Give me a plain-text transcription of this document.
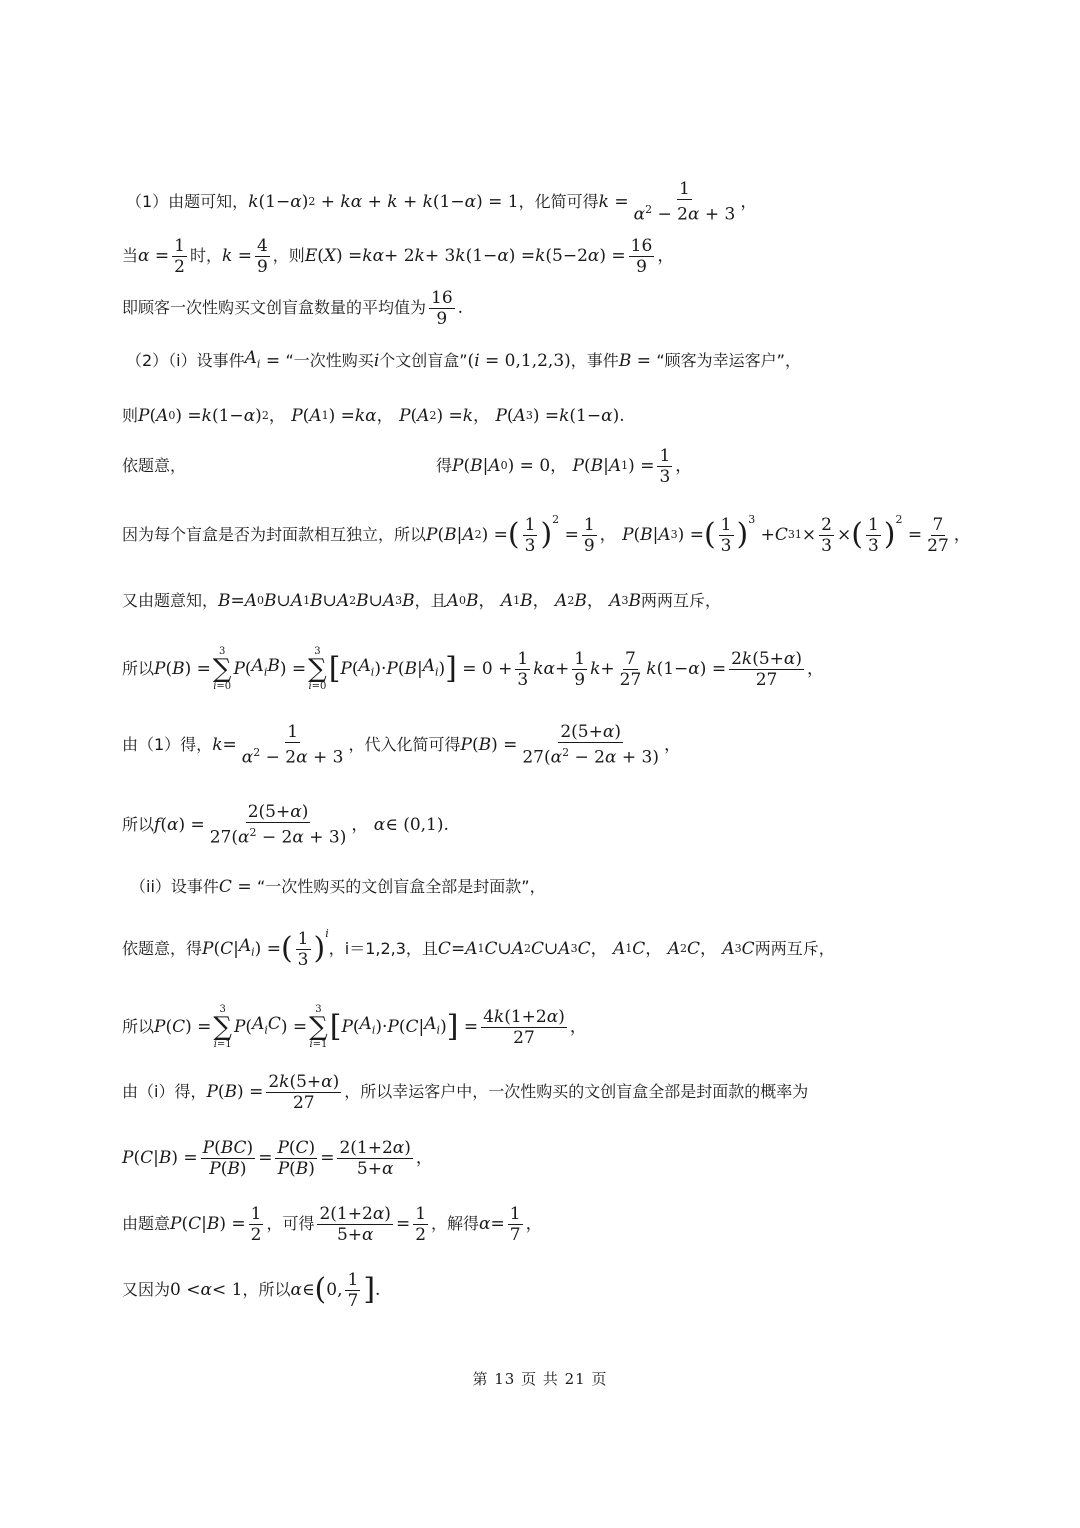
（1）由题可知， k (1− α ) 2 + kα + k + k (1− α ) = 1 ，化简可得 k =
1
$\alpha^2 - 2\alpha + 3$
，
当 α =
1
2
时， k =
4
9
，则 E ( X ) = kα + 2 k + 3 k (1− α ) = k (5−2 α ) =
16
9
，
即顾客一次性购买文创盲盒数量的平均值为 16
9
.
（2）（i）设事件 $A_i$ = “一次性购买 i 个文创盲盒” ( i = 0,1,2,3) ，事件 B = “顾客为幸运客户”，
则 P ( A 0 ) = k (1− α ) 2 ， P ( A 1 ) = kα ， P ( A 2 ) = k ， P ( A 3 ) = k (1− α ).
依题意，	得 P ( B | A 0 ) = 0， P ( B | A 1 ) =
1
3
，
因为每个盲盒是否为封面款相互独立，所以 P ( B | A 2 ) = ( 1
3 )$^2$
=
1
9
， P ( B | A 3 ) = ( 1
3 )$^3$
+ C 3 1 ×
2
3
× ( 1
3 )$^2$
=
7
27
，
又由题意知， B = A 0 B ∪ A 1 B ∪ A 2 B ∪ A 3 B ，且 A 0 B ， A 1 B ， A 2 B ， A 3 B 两两互斥，
所以 P ( B ) =
3
∑
i=0
P ( $A_iB$ ) =
3
∑
i=0
[ P ( $A_i$ )· P ( B | $A_i$ ) ] = 0 +
1
3
kα +
1
9
k +
7
27
k (1− α ) =
2k(5+α)
27
，
由（1）得， k =
1
$\alpha^2 - 2\alpha + 3$
，代入化简可得 P ( B ) =
2(5+α)
$27(\alpha^2 - 2\alpha + 3)$
，
所以 f ( α ) =
2(5+α)
$27(\alpha^2 - 2\alpha + 3)$
， α ∈ (0,1).
（ii）设事件 C = “一次性购买的文创盲盒全部是封面款”，
依题意，得 P ( C | $A_i$ ) = ( 1
3 )$^i$
，i＝1,2,3，且 C = A 1 C ∪ A 2 C ∪ A 3 C ， A 1 C ， A 2 C ， A 3 C 两两互斥，
所以 P ( C ) =
3
∑
i=1
P ( $A_iC$ ) =
3
∑
i=1
[ P ( $A_i$ )· P ( C | $A_i$ ) ] =
4k(1+2α)
27
，
由（i）得， P ( B ) =
2k(5+α)
27
，所以幸运客户中，一次性购买的文创盲盒全部是封面款的概率为
P ( C | B ) =
P(BC)
P(B)
=
P(C)
P(B)
=
2(1+2α)
5+α
，
由题意 P ( C | B ) =
1
2
，可得 2(1+2α)
5+α
=
1
2
，解得 α =
1
7
，
又因为 0 < α < 1 ，所以 α ∈ ( 0,
1
7 ] .
第 13 页 共 21 页
